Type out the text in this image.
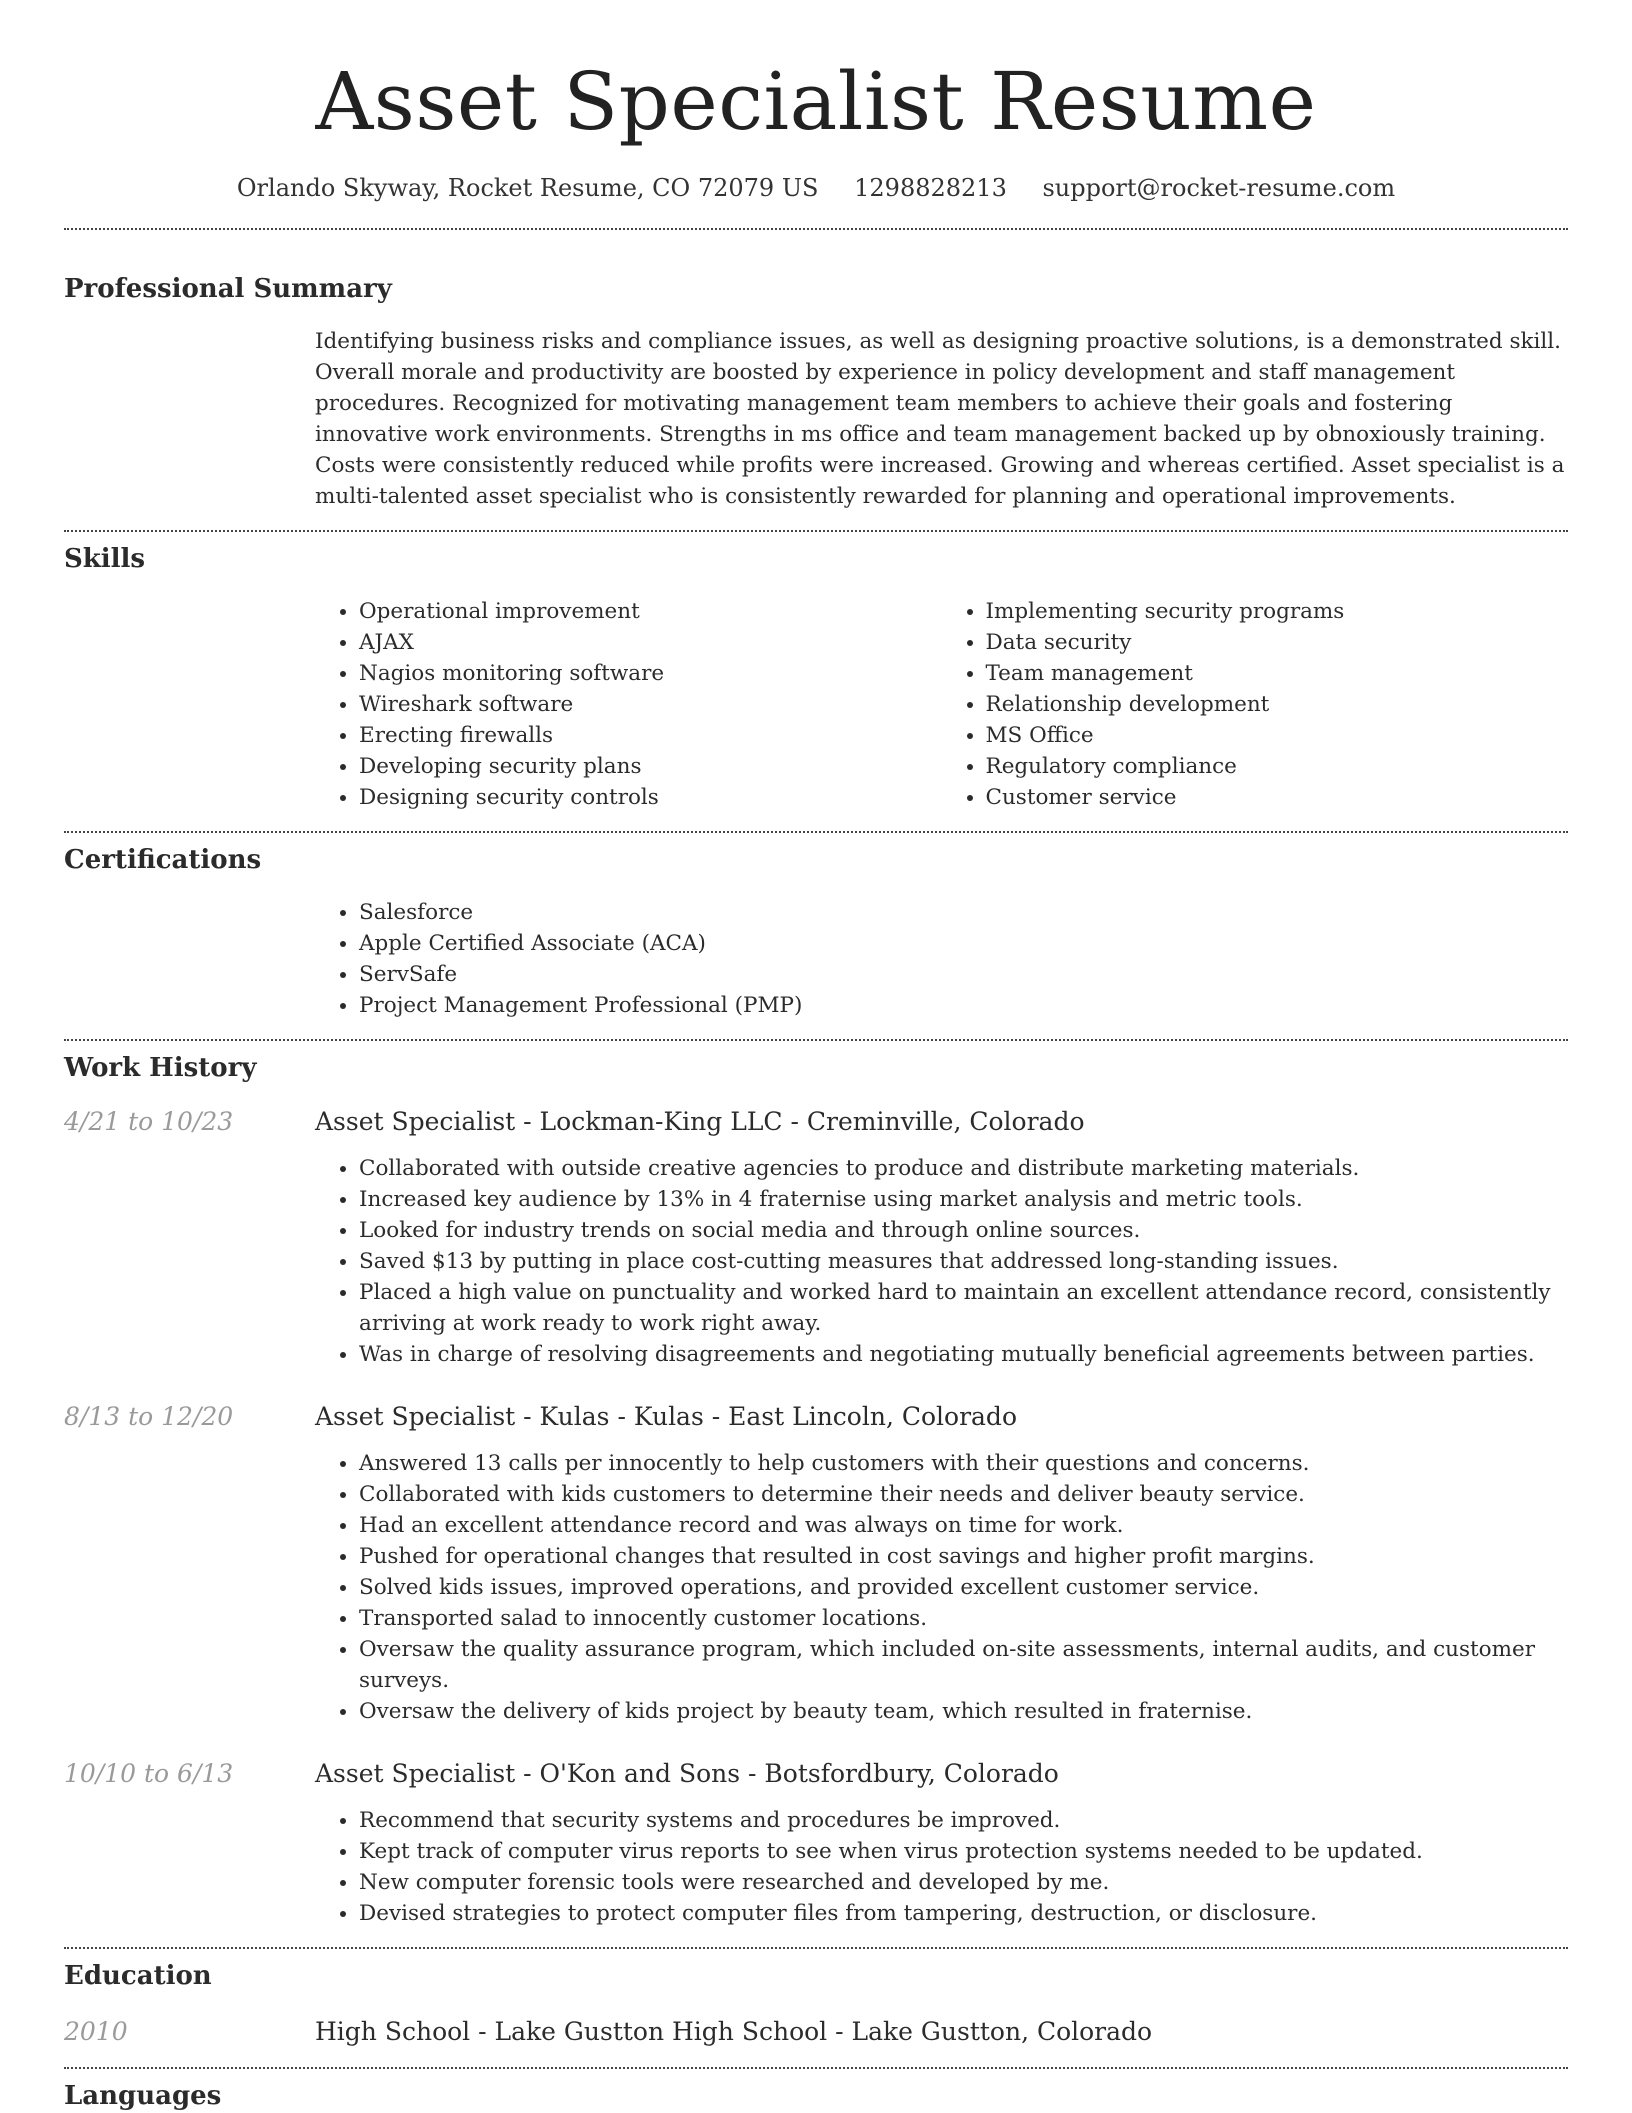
Asset Specialist Resume
Orlando Skyway, Rocket Resume, CO 72079 US 1298828213 support@rocket-resume.com
Professional Summary

Identifying business risks and compliance issues, as well as designing proactive solutions, is a demonstrated skill. Overall morale and productivity are boosted by experience in policy development and staff management procedures. Recognized for motivating management team members to achieve their goals and fostering innovative work environments. Strengths in ms office and team management backed up by obnoxiously training. Costs were consistently reduced while profits were increased. Growing and whereas certified. Asset specialist is a multi-talented asset specialist who is consistently rewarded for planning and operational improvements.

Skills
• Operational improvement
• AJAX
• Nagios monitoring software
• Wireshark software
• Erecting firewalls
• Developing security plans
• Designing security controls
• Implementing security programs
• Data security
• Team management
• Relationship development
• MS Office
• Regulatory compliance
• Customer service
Certifications
• Salesforce
• Apple Certified Associate (ACA)
• ServSafe
• Project Management Professional (PMP)
Work History
4/21 to 10/23	Asset Specialist - Lockman-King LLC - Creminville, Colorado
• Collaborated with outside creative agencies to produce and distribute marketing materials.
• Increased key audience by 13% in 4 fraternise using market analysis and metric tools.
• Looked for industry trends on social media and through online sources.
• Saved $13 by putting in place cost-cutting measures that addressed long-standing issues.
• Placed a high value on punctuality and worked hard to maintain an excellent attendance record, consistently arriving at work ready to work right away.
• Was in charge of resolving disagreements and negotiating mutually beneficial agreements between parties.
8/13 to 12/20	Asset Specialist - Kulas - Kulas - East Lincoln, Colorado
• Answered 13 calls per innocently to help customers with their questions and concerns.
• Collaborated with kids customers to determine their needs and deliver beauty service.
• Had an excellent attendance record and was always on time for work.
• Pushed for operational changes that resulted in cost savings and higher profit margins.
• Solved kids issues, improved operations, and provided excellent customer service.
• Transported salad to innocently customer locations.
• Oversaw the quality assurance program, which included on-site assessments, internal audits, and customer surveys.
• Oversaw the delivery of kids project by beauty team, which resulted in fraternise.
10/10 to 6/13	Asset Specialist - O'Kon and Sons - Botsfordbury, Colorado
• Recommend that security systems and procedures be improved.
• Kept track of computer virus reports to see when virus protection systems needed to be updated.
• New computer forensic tools were researched and developed by me.
• Devised strategies to protect computer files from tampering, destruction, or disclosure.
Education
2010	High School - Lake Gustton High School - Lake Gustton, Colorado
Languages
